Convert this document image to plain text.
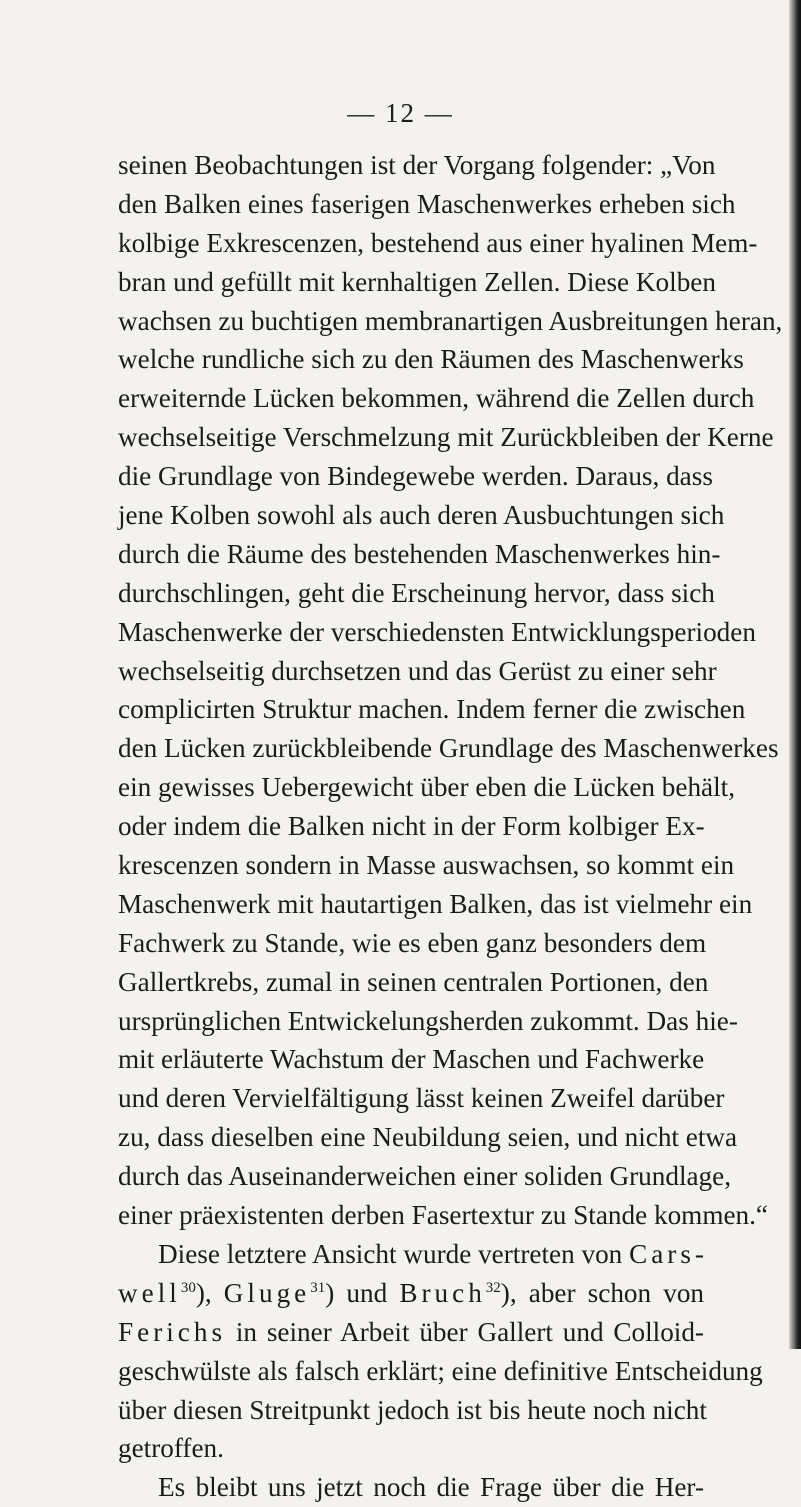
— 12 —
seinen Beobachtungen ist der Vorgang folgender: „Von
den Balken eines faserigen Maschenwerkes erheben sich
kolbige Exkrescenzen, bestehend aus einer hyalinen Mem-
bran und gefüllt mit kernhaltigen Zellen. Diese Kolben
wachsen zu buchtigen membranartigen Ausbreitungen heran,
welche rundliche sich zu den Räumen des Maschenwerks
erweiternde Lücken bekommen, während die Zellen durch
wechselseitige Verschmelzung mit Zurückbleiben der Kerne
die Grundlage von Bindegewebe werden. Daraus, dass
jene Kolben sowohl als auch deren Ausbuchtungen sich
durch die Räume des bestehenden Maschenwerkes hin-
durchschlingen, geht die Erscheinung hervor, dass sich
Maschenwerke der verschiedensten Entwicklungsperioden
wechselseitig durchsetzen und das Gerüst zu einer sehr
complicirten Struktur machen. Indem ferner die zwischen
den Lücken zurückbleibende Grundlage des Maschenwerkes
ein gewisses Uebergewicht über eben die Lücken behält,
oder indem die Balken nicht in der Form kolbiger Ex-
krescenzen sondern in Masse auswachsen, so kommt ein
Maschenwerk mit hautartigen Balken, das ist vielmehr ein
Fachwerk zu Stande, wie es eben ganz besonders dem
Gallertkrebs, zumal in seinen centralen Portionen, den
ursprünglichen Entwickelungsherden zukommt. Das hie-
mit erläuterte Wachstum der Maschen und Fachwerke
und deren Vervielfältigung lässt keinen Zweifel darüber
zu, dass dieselben eine Neubildung seien, und nicht etwa
durch das Auseinanderweichen einer soliden Grundlage,
einer präexistenten derben Fasertextur zu Stande kommen.“
Diese letztere Ansicht wurde vertreten von Cars-
well$^{30}$), Gluge$^{31}$) und Bruch$^{32}$), aber schon von
Ferichs in seiner Arbeit über Gallert und Colloid-
geschwülste als falsch erklärt; eine definitive Entscheidung
über diesen Streitpunkt jedoch ist bis heute noch nicht
getroffen.
Es bleibt uns jetzt noch die Frage über die Her-
